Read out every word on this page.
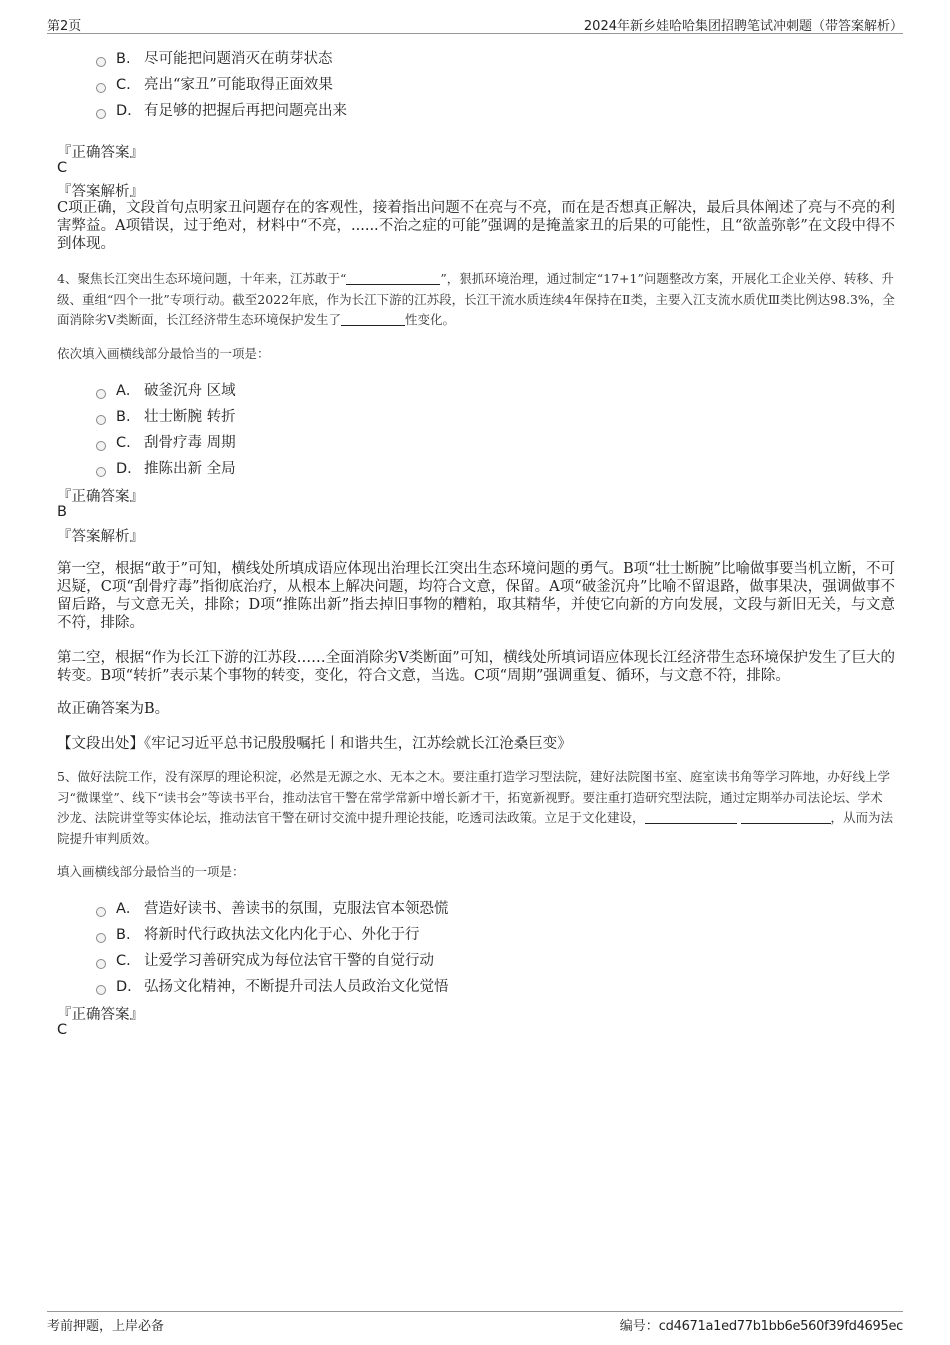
第2页	2024年新乡娃哈哈集团招聘笔试冲刺题（带答案解析）
B. 尽可能把问题消灭在萌芽状态
C. 亮出“家丑”可能取得正面效果
D. 有足够的把握后再把问题亮出来
『正确答案』
C
『答案解析』
C项正确，文段首句点明家丑问题存在的客观性，接着指出问题不在亮与不亮，而在是否想真正解决，最后具体阐述了亮与不亮的利害弊益。A项错误，过于绝对，材料中“不亮，......不治之症的可能”强调的是掩盖家丑的后果的可能性，且“欲盖弥彰”在文段中得不到体现。
4、聚焦长江突出生态环境问题，十年来，江苏敢于“	”，狠抓环境治理，通过制定“17+1”问题整改方案，开展化工企业关停、转移、升级、重组“四个一批”专项行动。截至2022年底，作为长江下游的江苏段，长江干流水质连续4年保持在Ⅱ类，主要入江支流水质优Ⅲ类比例达98.3%，全面消除劣Ⅴ类断面，长江经济带生态环境保护发生了	性变化。
依次填入画横线部分最恰当的一项是：
A． 破釜沉舟 区域
B. 壮士断腕 转折
C. 刮骨疗毒 周期
D. 推陈出新 全局
『正确答案』
B
『答案解析』
第一空，根据“敢于”可知，横线处所填成语应体现出治理长江突出生态环境问题的勇气。B项“壮士断腕”比喻做事要当机立断，不可迟疑，C项“刮骨疗毒”指彻底治疗，从根本上解决问题，均符合文意，保留。A项“破釜沉舟”比喻不留退路，做事果决，强调做事不留后路，与文意无关，排除；D项“推陈出新”指去掉旧事物的糟粕，取其精华，并使它向新的方向发展，文段与新旧无关，与文意不符，排除。
第二空，根据“作为长江下游的江苏段……全面消除劣Ⅴ类断面”可知，横线处所填词语应体现长江经济带生态环境保护发生了巨大的转变。B项“转折”表示某个事物的转变，变化，符合文意，当选。C项“周期”强调重复、循环，与文意不符，排除。
故正确答案为B。
【文段出处】《牢记习近平总书记殷殷嘱托丨和谐共生，江苏绘就长江沧桑巨变》
5、做好法院工作，没有深厚的理论积淀，必然是无源之水、无本之木。要注重打造学习型法院，建好法院图书室、庭室读书角等学习阵地，办好线上学习“微课堂”、线下“读书会”等读书平台，推动法官干警在常学常新中增长新才干，拓宽新视野。要注重打造研究型法院，通过定期举办司法论坛、学术沙龙、法院讲堂等实体论坛，推动法官干警在研讨交流中提升理论技能，吃透司法政策。立足于文化建设，	，从而为法院提升审判质效。
填入画横线部分最恰当的一项是：
A． 营造好读书、善读书的氛围，克服法官本领恐慌
B. 将新时代行政执法文化内化于心、外化于行
C. 让爱学习善研究成为每位法官干警的自觉行动
D. 弘扬文化精神，不断提升司法人员政治文化觉悟
『正确答案』
C
考前押题，上岸必备	编号：cd4671a1ed77b1bb6e560f39fd4695ec
